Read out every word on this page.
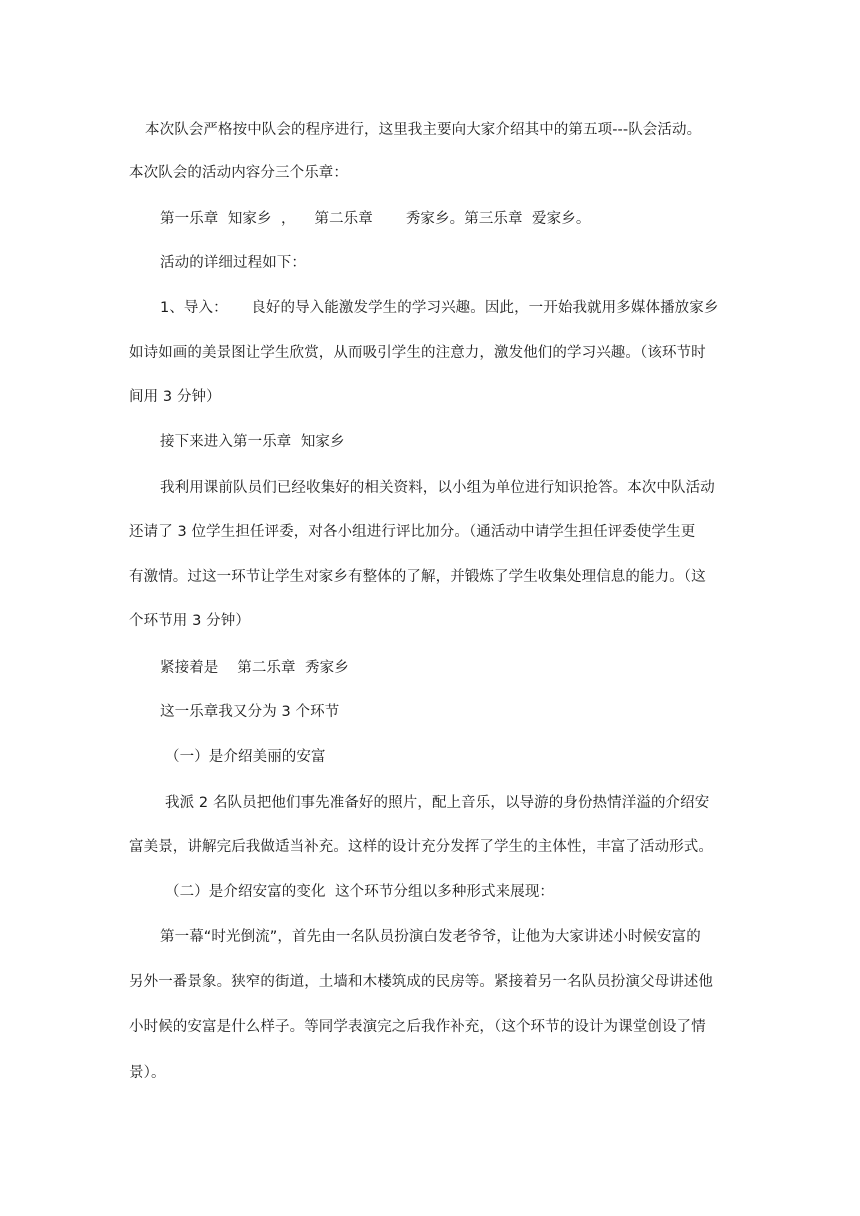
本次队会严格按中队会的程序进行，这里我主要向大家介绍其中的第五项---队会活动。
本次队会的活动内容分三个乐章：
第一乐章  知家乡  ，    第二乐章       秀家乡。第三乐章  爱家乡。
活动的详细过程如下：
1、导入：     良好的导入能激发学生的学习兴趣。因此，一开始我就用多媒体播放家乡
如诗如画的美景图让学生欣赏，从而吸引学生的注意力，激发他们的学习兴趣。（该环节时
间用 3 分钟）
接下来进入第一乐章  知家乡
我利用课前队员们已经收集好的相关资料，以小组为单位进行知识抢答。本次中队活动
还请了 3 位学生担任评委，对各小组进行评比加分。（通活动中请学生担任评委使学生更
有激情。过这一环节让学生对家乡有整体的了解，并锻炼了学生收集处理信息的能力。（这
个环节用 3 分钟）
紧接着是    第二乐章  秀家乡
这一乐章我又分为 3 个环节
（一）是介绍美丽的安富
我派 2 名队员把他们事先准备好的照片，配上音乐，以导游的身份热情洋溢的介绍安
富美景，讲解完后我做适当补充。这样的设计充分发挥了学生的主体性，丰富了活动形式。
（二）是介绍安富的变化  这个环节分组以多种形式来展现：
第一幕“时光倒流”，首先由一名队员扮演白发老爷爷，让他为大家讲述小时候安富的
另外一番景象。狭窄的街道，土墙和木楼筑成的民房等。紧接着另一名队员扮演父母讲述他
小时候的安富是什么样子。等同学表演完之后我作补充，（这个环节的设计为课堂创设了情
景）。
